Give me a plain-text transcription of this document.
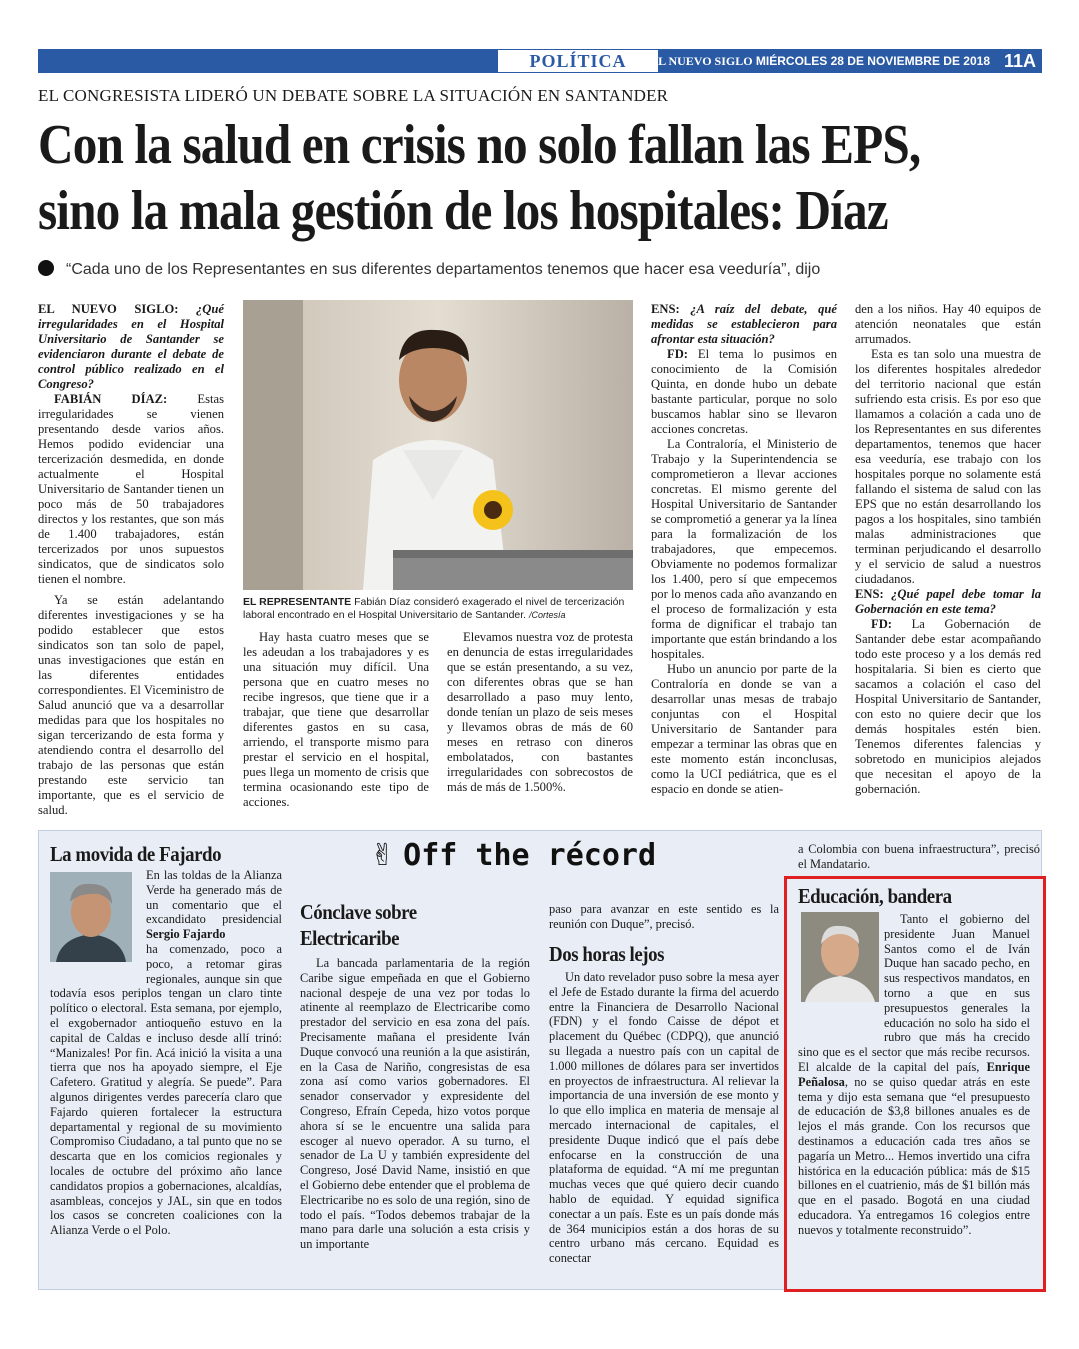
POLÍTICA	EL NUEVO SIGLO MIÉRCOLES 28 DE NOVIEMBRE DE 2018 11A
EL CONGRESISTA LIDERÓ UN DEBATE SOBRE LA SITUACIÓN EN SANTANDER
Con la salud en crisis no solo fallan las EPS,
sino la mala gestión de los hospitales: Díaz
“Cada uno de los Representantes en sus diferentes departamentos tenemos que hacer esa veeduría”, dijo

EL NUEVO SIGLO: ¿Qué irregularidades en el Hospital Universitario de Santander se evidenciaron durante el debate de control público realizado en el Congreso?

FABIÁN DÍAZ: Estas irregularidades se vienen presentando desde varios años. Hemos podido evidenciar una tercerización desmedida, en donde actualmente el Hospital Universitario de Santander tienen un poco más de 50 trabajadores directos y los restantes, que son más de 1.400 trabajadores, están tercerizados por unos supuestos sindicatos, que de sindicatos solo tienen el nombre.

Ya se están adelantando diferentes investigaciones y se ha podido establecer que estos sindicatos son tan solo de papel, unas investigaciones que están en las diferentes entidades correspondientes. El Viceministro de Salud anunció que va a desarrollar medidas para que los hospitales no sigan tercerizando de esta forma y atendiendo contra el desarrollo del trabajo de las personas que están prestando este servicio tan importante, que es el servicio de salud.

EL REPRESENTANTE Fabián Díaz consideró exagerado el nivel de tercerización laboral encontrado en el Hospital Universitario de Santander. /Cortesía

Hay hasta cuatro meses que se les adeudan a los trabajadores y es una situación muy difícil. Una persona que en cuatro meses no recibe ingresos, que tiene que ir a trabajar, que tiene que desarrollar diferentes gastos en su casa, arriendo, el transporte mismo para prestar el servicio en el hospital, pues llega un momento de crisis que termina ocasionando este tipo de acciones.

Elevamos nuestra voz de protesta en denuncia de estas irregularidades que se están presentando, a su vez, con diferentes obras que se han desarrollado a paso muy lento, donde tenían un plazo de seis meses y llevamos obras de más de 60 meses en retraso con dineros embolatados, con bastantes irregularidades con sobrecostos de más de más de 1.500%.

ENS: ¿A raíz del debate, qué medidas se establecieron para afrontar esta situación?

FD: El tema lo pusimos en conocimiento de la Comisión Quinta, en donde hubo un debate bastante particular, porque no solo buscamos hablar sino se llevaron acciones concretas.

La Contraloría, el Ministerio de Trabajo y la Superintendencia se comprometieron a llevar acciones concretas. El mismo gerente del Hospital Universitario de Santander se comprometió a generar ya la línea para la formalización de los trabajadores, que empecemos. Obviamente no podemos formalizar los 1.400, pero sí que empecemos por lo menos cada año avanzando en el proceso de formalización y esta forma de dignificar el trabajo tan importante que están brindando a los hospitales.

Hubo un anuncio por parte de la Contraloría en donde se van a desarrollar unas mesas de trabajo conjuntas con el Hospital Universitario de Santander para empezar a terminar las obras que en este momento están inconclusas, como la UCI pediátrica, que es el espacio en donde se atien-

den a los niños. Hay 40 equipos de atención neonatales que están arrumados.

Esta es tan solo una muestra de los diferentes hospitales alrededor del territorio nacional que están sufriendo esta crisis. Es por eso que llamamos a colación a cada uno de los Representantes en sus diferentes departamentos, tenemos que hacer esa veeduría, ese trabajo con los hospitales porque no solamente está fallando el sistema de salud con las EPS que no están desarrollando los pagos a los hospitales, sino también malas administraciones que terminan perjudicando el desarrollo y el servicio de salud a nuestros ciudadanos.

ENS: ¿Qué papel debe tomar la Gobernación en este tema?

FD: La Gobernación de Santander debe estar acompañando todo este proceso y a los demás red hospitalaria. Si bien es cierto que sacamos a colación el caso del Hospital Universitario de Santander, con esto no quiere decir que los demás hospitales estén bien. Tenemos diferentes falencias y sobretodo en municipios alejados que necesitan el apoyo de la gobernación.

✌ Off the récord
La movida de Fajardo

En las toldas de la Alianza Verde ha generado más de un comentario que el excandidato presidencial Sergio Fajardo

ha comenzado, poco a poco, a retomar giras regionales, aunque sin que todavía esos periplos tengan un claro tinte político o electoral. Esta semana, por ejemplo, el exgobernador antioqueño estuvo en la capital de Caldas e incluso desde allí trinó: “Manizales! Por fin. Acá inició la visita a una tierra que nos ha apoyado siempre, el Eje Cafetero. Gratitud y alegría. Se puede”. Para algunos dirigentes verdes parecería claro que Fajardo quieren fortalecer la estructura departamental y regional de su movimiento Compromiso Ciudadano, a tal punto que no se descarta que en los comicios regionales y locales de octubre del próximo año lance candidatos propios a gobernaciones, alcaldías, asambleas, concejos y JAL, sin que en todos los casos se concreten coaliciones con la Alianza Verde o el Polo.
Cónclave sobre
Electricaribe

La bancada parlamentaria de la región Caribe sigue empeñada en que el Gobierno nacional despeje de una vez por todas lo atinente al reemplazo de Electricaribe como prestador del servicio en esa zona del país. Precisamente mañana el presidente Iván Duque convocó una reunión a la que asistirán, en la Casa de Nariño, congresistas de esa zona así como varios gobernadores. El senador conservador y expresidente del Congreso, Efraín Cepeda, hizo votos porque ahora sí se le encuentre una salida para escoger al nuevo operador. A su turno, el senador de La U y también expresidente del Congreso, José David Name, insistió en que el Gobierno debe entender que el problema de Electricaribe no es solo de una región, sino de todo el país. “Todos debemos trabajar de la mano para darle una solución a esta crisis y un importante

paso para avanzar en este sentido es la reunión con Duque”, precisó.

Dos horas lejos

Un dato revelador puso sobre la mesa ayer el Jefe de Estado durante la firma del acuerdo entre la Financiera de Desarrollo Nacional (FDN) y el fondo Caisse de dépot et placement du Québec (CDPQ), que anunció su llegada a nuestro país con un capital de 1.000 millones de dólares para ser invertidos en proyectos de infraestructura. Al relievar la importancia de una inversión de ese monto y lo que ello implica en materia de mensaje al mercado internacional de capitales, el presidente Duque indicó que el país debe enfocarse en la construcción de una plataforma de equidad. “A mí me preguntan muchas veces que qué quiero decir cuando hablo de equidad. Y equidad significa conectar a un país. Este es un país donde más de 364 municipios están a dos horas de su centro urbano más cercano. Equidad es conectar

a Colombia con buena infraestructura”, precisó el Mandatario.

Educación, bandera

Tanto el gobierno del presidente Juan Manuel Santos como el de Iván Duque han sacado pecho, en sus respectivos mandatos, en torno a que en sus presupuestos generales la educación no solo ha sido el rubro que más ha crecido sino que es el sector que más recibe recursos. El alcalde de la capital del país, Enrique Peñalosa, no se quiso quedar atrás en este tema y dijo esta semana que “el presupuesto de educación de $3,8 billones anuales es de lejos el más grande. Con los recursos que destinamos a educación cada tres años se pagaría un Metro... Hemos invertido una cifra histórica en la educación pública: más de $15 billones en el cuatrienio, más de $1 billón más que en el pasado. Bogotá en una ciudad educadora. Ya entregamos 16 colegios entre nuevos y totalmente reconstruido”.
